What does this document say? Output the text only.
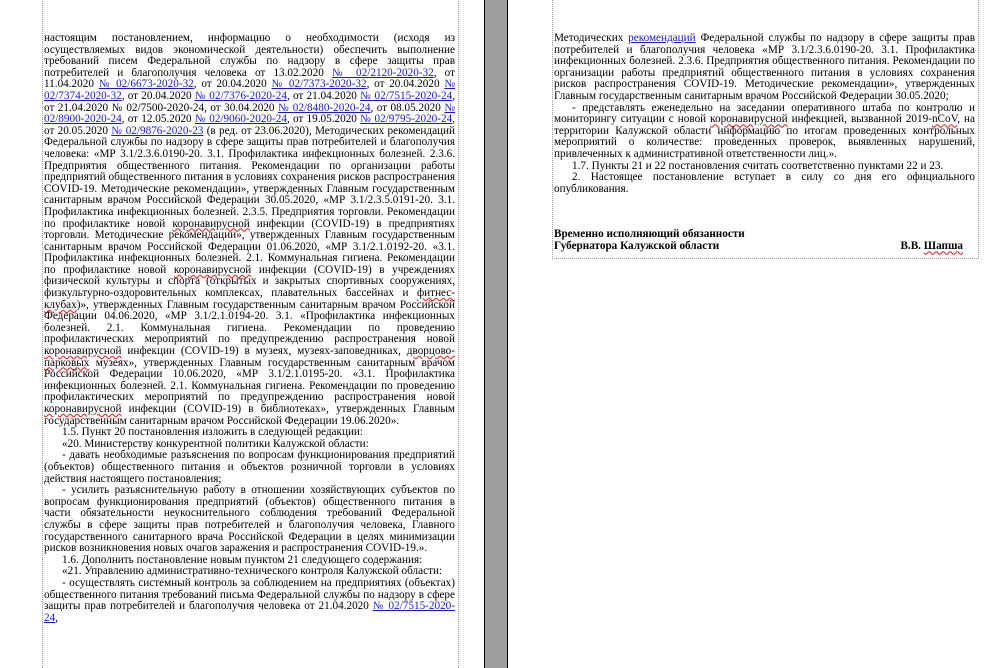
настоящим постановлением, информацию о необходимости (исходя из осуществляемых видов экономической деятельности) обеспечить выполнение требований писем Федеральной службы по надзору в сфере защиты прав потребителей и благополучия человека от 13.02.2020 № 02/2120-2020-32, от 11.04.2020 № 02/6673-2020-32, от 20.04.2020 № 02/7373-2020-32, от 20.04.2020 № 02/7374-2020-32, от 20.04.2020 № 02/7376-2020-24, от 21.04.2020 № 02/7515-2020-24, от 21.04.2020 № 02/7500-2020-24, от 30.04.2020 № 02/8480-2020-24, от 08.05.2020 № 02/8900-2020-24, от 12.05.2020 № 02/9060-2020-24, от 19.05.2020 № 02/9795-2020-24, от 20.05.2020 № 02/9876-2020-23 (в ред. от 23.06.2020), Методических рекомендаций Федеральной службы по надзору в сфере защиты прав потребителей и благополучия человека: «МР 3.1/2.3.6.0190-20. 3.1. Профилактика инфекционных болезней. 2.3.6. Предприятия общественного питания. Рекомендации по организации работы предприятий общественного питания в условиях сохранения рисков распространения COVID-19. Методические рекомендации», утвержденных Главным государственным санитарным врачом Российской Федерации 30.05.2020, «МР 3.1/2.3.5.0191-20. 3.1. Профилактика инфекционных болезней. 2.3.5. Предприятия торговли. Рекомендации по профилактике новой коронавирусной инфекции (COVID-19) в предприятиях торговли. Методические рекомендации», утвержденных Главным государственным санитарным врачом Российской Федерации 01.06.2020, «МР 3.1/2.1.0192-20. «3.1. Профилактика инфекционных болезней. 2.1. Коммунальная гигиена. Рекомендации по профилактике новой коронавирусной инфекции (COVID-19) в учреждениях физической культуры и спорта (открытых и закрытых спортивных сооружениях, физкультурно-оздоровительных комплексах, плавательных бассейнах и фитнес-клубах)», утвержденных Главным государственным санитарным врачом Российской Федерации 04.06.2020, «МР 3.1/2.1.0194-20. 3.1. «Профилактика инфекционных болезней. 2.1. Коммунальная гигиена. Рекомендации по проведению профилактических мероприятий по предупреждению распространения новой коронавирусной инфекции (COVID-19) в музеях, музеях-заповедниках, дворцово-парковых музеях», утвержденных Главным государственным санитарным врачом Российской Федерации 10.06.2020, «МР 3.1/2.1.0195-20. «3.1. Профилактика инфекционных болезней. 2.1. Коммунальная гигиена. Рекомендации по проведению профилактических мероприятий по предупреждению распространения новой коронавирусной инфекции (COVID-19) в библиотеках», утвержденных Главным государственным санитарным врачом Российской Федерации 19.06.2020».

1.5. Пункт 20 постановления изложить в следующей редакции:

«20. Министерству конкурентной политики Калужской области:

- давать необходимые разъяснения по вопросам функционирования предприятий (объектов) общественного питания и объектов розничной торговли в условиях действия настоящего постановления;

- усилить разъяснительную работу в отношении хозяйствующих субъектов по вопросам функционирования предприятий (объектов) общественного питания в части обязательности неукоснительного соблюдения требований Федеральной службы в сфере защиты прав потребителей и благополучия человека, Главного государственного санитарного врача Российской Федерации в целях минимизации рисков возникновения новых очагов заражения и распространения COVID-19.».

1.6. Дополнить постановление новым пунктом 21 следующего содержания:

«21. Управлению административно-технического контроля Калужской области:

- осуществлять системный контроль за соблюдением на предприятиях (объектах) общественного питания требований письма Федеральной службы по надзору в сфере защиты прав потребителей и благополучия человека от 21.04.2020 № 02/7515-2020-24,

Методических рекомендаций Федеральной службы по надзору в сфере защиты прав потребителей и благополучия человека «МР 3.1/2.3.6.0190-20. 3.1. Профилактика инфекционных болезней. 2.3.6. Предприятия общественного питания. Рекомендации по организации работы предприятий общественного питания в условиях сохранения рисков распространения COVID-19. Методические рекомендации», утвержденных Главным государственным санитарным врачом Российской Федерации 30.05.2020;

- представлять еженедельно на заседании оперативного штаба по контролю и мониторингу ситуации с новой коронавирусной инфекцией, вызванной 2019-nCoV, на территории Калужской области информацию по итогам проведенных контрольных мероприятий о количестве: проведенных проверок, выявленных нарушений, привлеченных к административной ответственности лиц.».

1.7. Пункты 21 и 22 постановления считать соответственно пунктами 22 и 23.

2. Настоящее постановление вступает в силу со дня его официального опубликования.

Временно исполняющий обязанности
Губернатора Калужской области	В.В. Шапша
